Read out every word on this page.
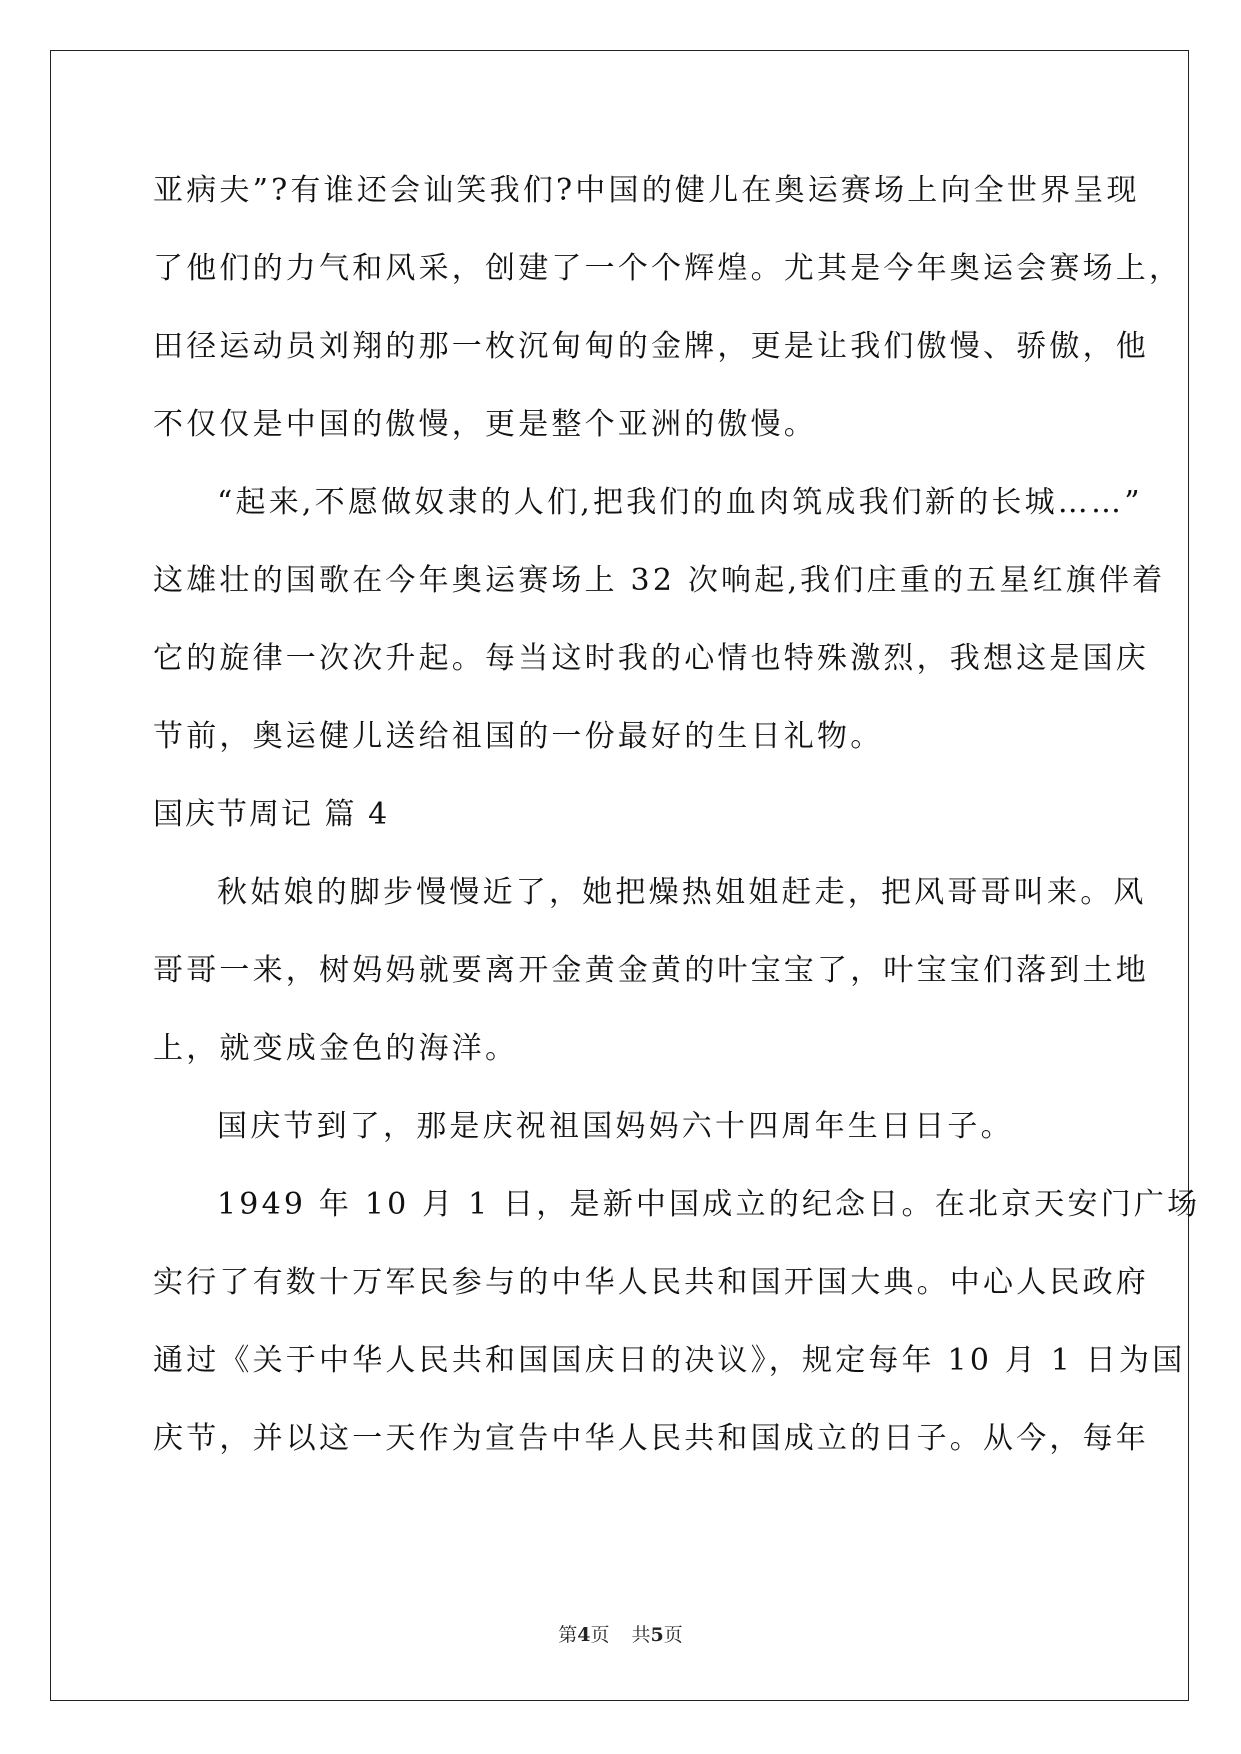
亚病夫”?有谁还会讪笑我们?中国的健儿在奥运赛场上向全世界呈现
了他们的力气和风采，创建了一个个辉煌。尤其是今年奥运会赛场上，
田径运动员刘翔的那一枚沉甸甸的金牌，更是让我们傲慢、骄傲，他
不仅仅是中国的傲慢，更是整个亚洲的傲慢。
“起来,不愿做奴隶的人们,把我们的血肉筑成我们新的长城……”
这雄壮的国歌在今年奥运赛场上 32 次响起,我们庄重的五星红旗伴着
它的旋律一次次升起。每当这时我的心情也特殊激烈，我想这是国庆
节前，奥运健儿送给祖国的一份最好的生日礼物。
国庆节周记 篇 4
秋姑娘的脚步慢慢近了，她把燥热姐姐赶走，把风哥哥叫来。风
哥哥一来，树妈妈就要离开金黄金黄的叶宝宝了，叶宝宝们落到土地
上，就变成金色的海洋。
国庆节到了，那是庆祝祖国妈妈六十四周年生日日子。
1949 年 10 月 1 日，是新中国成立的纪念日。在北京天安门广场
实行了有数十万军民参与的中华人民共和国开国大典。中心人民政府
通过《关于中华人民共和国国庆日的决议》，规定每年 10 月 1 日为国
庆节，并以这一天作为宣告中华人民共和国成立的日子。从今，每年
第4页 共5页
